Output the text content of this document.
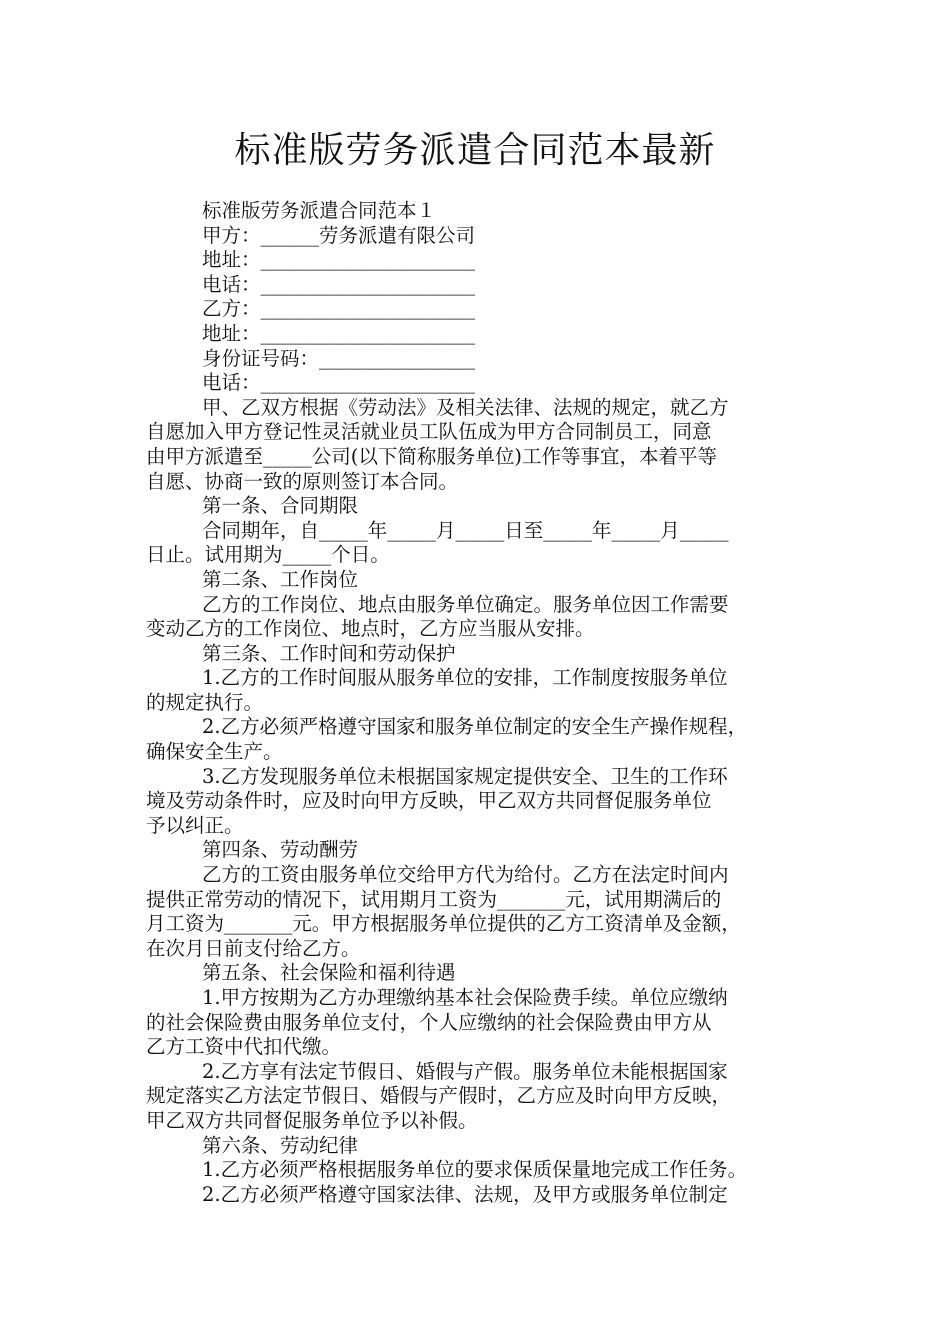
标准版劳务派遣合同范本最新
标准版劳务派遣合同范本１
甲方：______劳务派遣有限公司
地址：______________________
电话：______________________
乙方：______________________
地址：______________________
身份证号码：________________
电话：______________________
甲、乙双方根据《劳动法》及相关法律、法规的规定，就乙方
自愿加入甲方登记性灵活就业员工队伍成为甲方合同制员工，同意
由甲方派遣至_____公司(以下简称服务单位)工作等事宜，本着平等
自愿、协商一致的原则签订本合同。
第一条、合同期限
合同期年，自_____年_____月_____日至_____年_____月_____
日止。试用期为_____个日。
第二条、工作岗位
乙方的工作岗位、地点由服务单位确定。服务单位因工作需要
变动乙方的工作岗位、地点时，乙方应当服从安排。
第三条、工作时间和劳动保护
1.乙方的工作时间服从服务单位的安排，工作制度按服务单位
的规定执行。
2.乙方必须严格遵守国家和服务单位制定的安全生产操作规程，
确保安全生产。
3.乙方发现服务单位未根据国家规定提供安全、卫生的工作环
境及劳动条件时，应及时向甲方反映，甲乙双方共同督促服务单位
予以纠正。
第四条、劳动酬劳
乙方的工资由服务单位交给甲方代为给付。乙方在法定时间内
提供正常劳动的情况下，试用期月工资为_______元，试用期满后的
月工资为_______元。甲方根据服务单位提供的乙方工资清单及金额，
在次月日前支付给乙方。
第五条、社会保险和福利待遇
1.甲方按期为乙方办理缴纳基本社会保险费手续。单位应缴纳
的社会保险费由服务单位支付，个人应缴纳的社会保险费由甲方从
乙方工资中代扣代缴。
2.乙方享有法定节假日、婚假与产假。服务单位未能根据国家
规定落实乙方法定节假日、婚假与产假时，乙方应及时向甲方反映，
甲乙双方共同督促服务单位予以补假。
第六条、劳动纪律
1.乙方必须严格根据服务单位的要求保质保量地完成工作任务。
2.乙方必须严格遵守国家法律、法规，及甲方或服务单位制定
